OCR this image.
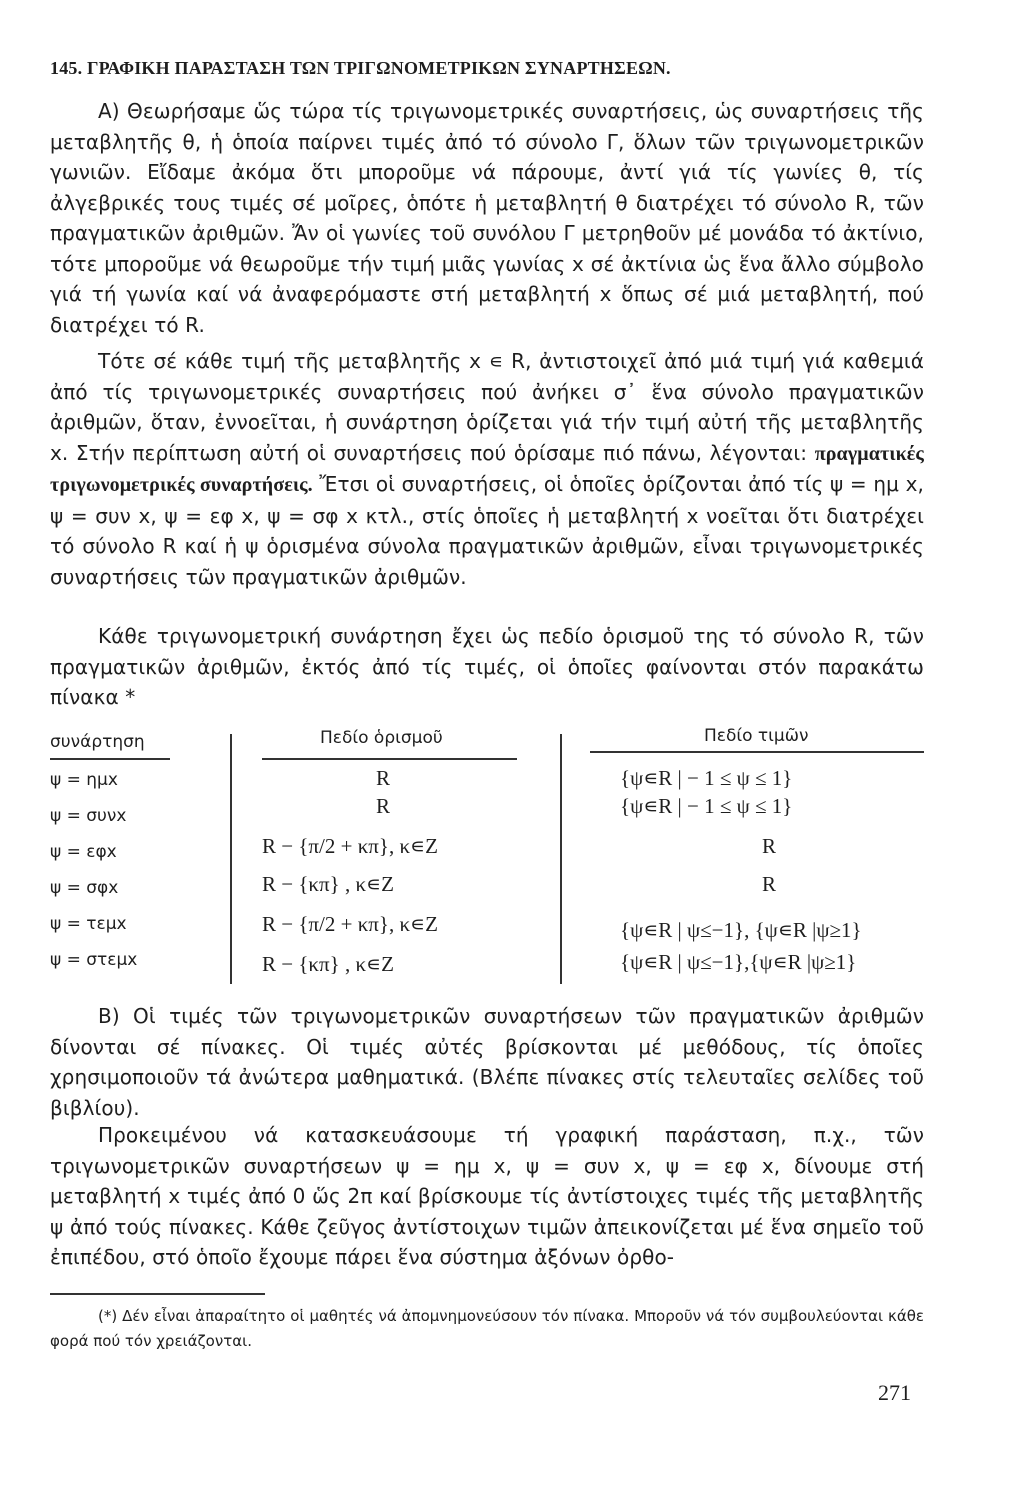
145. ΓΡΑΦΙΚΗ ΠΑΡΑΣΤΑΣΗ ΤΩΝ ΤΡΙΓΩΝΟΜΕΤΡΙΚΩΝ ΣΥΝΑΡΤΗΣΕΩΝ.

A) Θεωρήσαμε ὥς τώρα τίς τριγωνομετρικές συναρτήσεις, ὡς συναρτήσεις τῆς μεταβλητῆς θ, ἡ ὁποία παίρνει τιμές ἀπό τό σύνολο Γ, ὅλων τῶν τριγωνομετρικῶν γωνιῶν. Εἴδαμε ἀκόμα ὅτι μποροῦμε νά πάρουμε, ἀντί γιά τίς γωνίες θ, τίς ἀλγεβρικές τους τιμές σέ μοῖρες, ὁπότε ἡ μεταβλητή θ διατρέχει τό σύνολο R, τῶν πραγματικῶν ἀριθμῶν. Ἄν οἱ γωνίες τοῦ συνόλου Γ μετρηθοῦν μέ μονάδα τό ἀκτίνιο, τότε μποροῦμε νά θεωροῦμε τήν τιμή μιᾶς γωνίας x σέ ἀκτίνια ὡς ἕνα ἄλλο σύμβολο γιά τή γωνία καί νά ἀναφερόμαστε στή μεταβλητή x ὅπως σέ μιά μεταβλητή, πού διατρέχει τό R.

Τότε σέ κάθε τιμή τῆς μεταβλητῆς x ∊ R, ἀντιστοιχεῖ ἀπό μιά τιμή γιά καθεμιά ἀπό τίς τριγωνομετρικές συναρτήσεις πού ἀνήκει σ᾿ ἕνα σύνολο πραγματικῶν ἀριθμῶν, ὅταν, ἐννοεῖται, ἡ συνάρτηση ὁρίζεται γιά τήν τιμή αὐτή τῆς μεταβλητῆς x. Στήν περίπτωση αὐτή οἱ συναρτήσεις πού ὁρίσαμε πιό πάνω, λέγονται: πραγματικές τριγωνομετρικές συναρτήσεις. Ἔτσι οἱ συναρτήσεις, οἱ ὁποῖες ὁρίζονται ἀπό τίς ψ = ημ x, ψ = συν x, ψ = εφ x, ψ = σφ x κτλ., στίς ὁποῖες ἡ μεταβλητή x νοεῖται ὅτι διατρέχει τό σύνολο R καί ἡ ψ ὁρισμένα σύνολα πραγματικῶν ἀριθμῶν, εἶναι τριγωνομετρικές συναρτήσεις τῶν πραγματικῶν ἀριθμῶν.

Κάθε τριγωνομετρική συνάρτηση ἔχει ὡς πεδίο ὁρισμοῦ της τό σύνολο R, τῶν πραγματικῶν ἀριθμῶν, ἐκτός ἀπό τίς τιμές, οἱ ὁποῖες φαίνονται στόν παρακάτω πίνακα *

συνάρτηση	Πεδίο ὁρισμοῦ	Πεδίο τιμῶν
ψ = ημx
ψ = συνx
ψ = εφx
ψ = σφx
ψ = τεμx
ψ = στεμx
R
R
R − {π/2 + κπ}, κ∊Z
R − {κπ} , κ∊Z
R − {π/2 + κπ}, κ∊Z
R − {κπ} , κ∊Z
{ψ∊R | − 1 ≤ ψ ≤ 1}
{ψ∊R | − 1 ≤ ψ ≤ 1}
R
R
{ψ∊R | ψ≤−1}, {ψ∊R |ψ≥1}
{ψ∊R | ψ≤−1},{ψ∊R |ψ≥1}

B) Οἱ τιμές τῶν τριγωνομετρικῶν συναρτήσεων τῶν πραγματικῶν ἀριθμῶν δίνονται σέ πίνακες. Οἱ τιμές αὐτές βρίσκονται μέ μεθόδους, τίς ὁποῖες χρησιμοποιοῦν τά ἀνώτερα μαθηματικά. (Βλέπε πίνακες στίς τελευταῖες σελίδες τοῦ βιβλίου).

Προκειμένου νά κατασκευάσουμε τή γραφική παράσταση, π.χ., τῶν τριγωνομετρικῶν συναρτήσεων ψ = ημ x, ψ = συν x, ψ = εφ x, δίνουμε στή μεταβλητή x τιμές ἀπό 0 ὥς 2π καί βρίσκουμε τίς ἀντίστοιχες τιμές τῆς μεταβλητῆς ψ ἀπό τούς πίνακες. Κάθε ζεῦγος ἀντίστοιχων τιμῶν ἀπεικονίζεται μέ ἕνα σημεῖο τοῦ ἐπιπέδου, στό ὁποῖο ἔχουμε πάρει ἕνα σύστημα ἀξόνων ὀρθο-

(*) Δέν εἶναι ἀπαραίτητο οἱ μαθητές νά ἀπομνημονεύσουν τόν πίνακα. Μποροῦν νά τόν συμβουλεύονται κάθε φορά πού τόν χρειάζονται.

271
